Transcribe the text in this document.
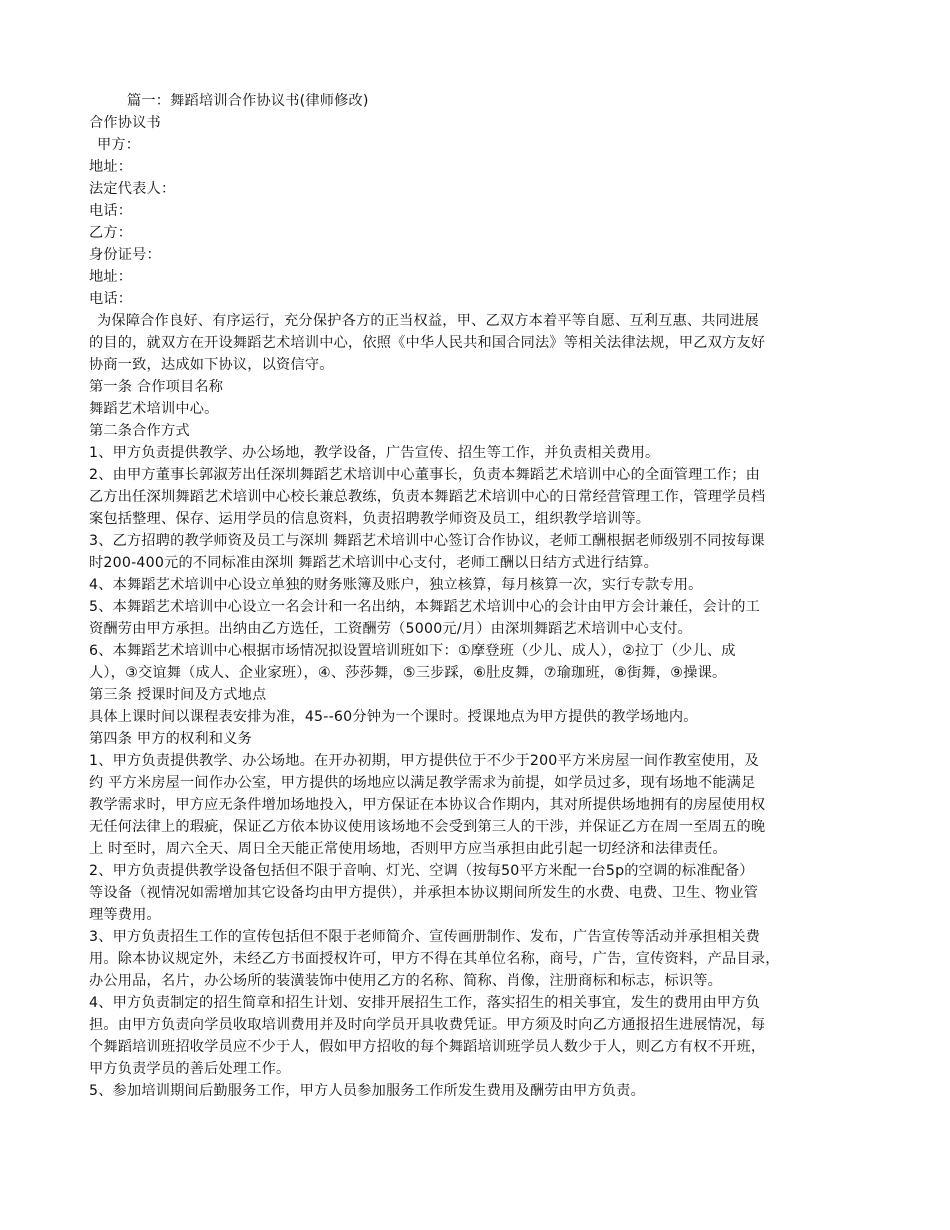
篇一：舞蹈培训合作协议书(律师修改)
合作协议书
甲方：
地址：
法定代表人：
电话：
乙方：
身份证号：
地址：
电话：
为保障合作良好、有序运行，充分保护各方的正当权益，甲、乙双方本着平等自愿、互利互惠、共同进展
的目的，就双方在开设舞蹈艺术培训中心，依照《中华人民共和国合同法》等相关法律法规，甲乙双方友好
协商一致，达成如下协议，以资信守。
第一条 合作项目名称
舞蹈艺术培训中心。
第二条合作方式
1、甲方负责提供教学、办公场地，教学设备，广告宣传、招生等工作，并负责相关费用。
2、由甲方董事长郭淑芳出任深圳舞蹈艺术培训中心董事长，负责本舞蹈艺术培训中心的全面管理工作；由
乙方出任深圳舞蹈艺术培训中心校长兼总教练，负责本舞蹈艺术培训中心的日常经营管理工作，管理学员档
案包括整理、保存、运用学员的信息资料，负责招聘教学师资及员工，组织教学培训等。
3、乙方招聘的教学师资及员工与深圳 舞蹈艺术培训中心签订合作协议，老师工酬根据老师级别不同按每课
时200-400元的不同标准由深圳 舞蹈艺术培训中心支付，老师工酬以日结方式进行结算。
4、本舞蹈艺术培训中心设立单独的财务账簿及账户，独立核算，每月核算一次，实行专款专用。
5、本舞蹈艺术培训中心设立一名会计和一名出纳，本舞蹈艺术培训中心的会计由甲方会计兼任，会计的工
资酬劳由甲方承担。出纳由乙方选任，工资酬劳（5000元/月）由深圳舞蹈艺术培训中心支付。
6、本舞蹈艺术培训中心根据市场情况拟设置培训班如下：①摩登班（少儿、成人），②拉丁（少儿、成
人），③交谊舞（成人、企业家班），④、莎莎舞，⑤三步踩，⑥肚皮舞，⑦瑜珈班，⑧街舞，⑨操课。
第三条 授课时间及方式地点
具体上课时间以课程表安排为准，45--60分钟为一个课时。授课地点为甲方提供的教学场地内。
第四条 甲方的权利和义务
1、甲方负责提供教学、办公场地。在开办初期，甲方提供位于不少于200平方米房屋一间作教室使用，及
约 平方米房屋一间作办公室，甲方提供的场地应以满足教学需求为前提，如学员过多，现有场地不能满足
教学需求时，甲方应无条件增加场地投入，甲方保证在本协议合作期内，其对所提供场地拥有的房屋使用权
无任何法律上的瑕疵，保证乙方依本协议使用该场地不会受到第三人的干涉，并保证乙方在周一至周五的晚
上 时至时，周六全天、周日全天能正常使用场地，否则甲方应当承担由此引起一切经济和法律责任。
2、甲方负责提供教学设备包括但不限于音响、灯光、空调（按每50平方米配一台5p的空调的标准配备）
等设备（视情况如需增加其它设备均由甲方提供），并承担本协议期间所发生的水费、电费、卫生、物业管
理等费用。
3、甲方负责招生工作的宣传包括但不限于老师简介、宣传画册制作、发布，广告宣传等活动并承担相关费
用。除本协议规定外，未经乙方书面授权许可，甲方不得在其单位名称，商号，广告，宣传资料，产品目录，
办公用品，名片，办公场所的装潢装饰中使用乙方的名称、简称、肖像，注册商标和标志，标识等。
4、甲方负责制定的招生简章和招生计划、安排开展招生工作，落实招生的相关事宜，发生的费用由甲方负
担。由甲方负责向学员收取培训费用并及时向学员开具收费凭证。甲方须及时向乙方通报招生进展情况，每
个舞蹈培训班招收学员应不少于人，假如甲方招收的每个舞蹈培训班学员人数少于人，则乙方有权不开班，
甲方负责学员的善后处理工作。
5、参加培训期间后勤服务工作，甲方人员参加服务工作所发生费用及酬劳由甲方负责。
